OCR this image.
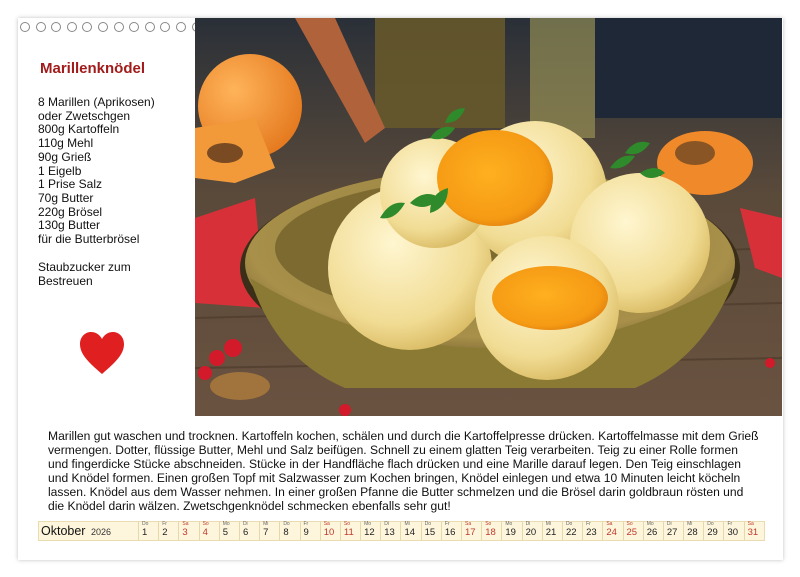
Marillenknödel
8 Marillen (Aprikosen)
oder Zwetschgen
800g Kartoffeln
110g Mehl
90g Grieß
1 Eigelb
1 Prise Salz
70g Butter
220g Brösel
130g Butter
für die Butterbrösel
Staubzucker zum Bestreuen

Marillen gut waschen und trocknen. Kartoffeln kochen, schälen und durch die Kartoffelpresse drücken. Kartoffelmasse mit dem Grieß vermengen. Dotter, flüssige Butter, Mehl und Salz beifügen. Schnell zu einem glatten Teig verarbeiten. Teig zu einer Rolle formen und fingerdicke Stücke abschneiden. Stücke in der Handfläche flach drücken und eine Marille darauf legen. Den Teig einschlagen und Knödel formen. Einen großen Topf mit Salzwasser zum Kochen bringen, Knödel einlegen und etwa 10 Minuten leicht köcheln lassen. Knödel aus dem Wasser nehmen. In einer großen Pfanne die Butter schmelzen und die Brösel darin goldbraun rösten und die Knödel darin wälzen. Zwetschgenknödel schmecken ebenfalls sehr gut!

Oktober 2026
Do
1
Fr
2
Sa
3
So
4
Mo
5
Di
6
Mi
7
Do
8
Fr
9
Sa
10
So
11
Mo
12
Di
13
Mi
14
Do
15
Fr
16
Sa
17
So
18
Mo
19
Di
20
Mi
21
Do
22
Fr
23
Sa
24
So
25
Mo
26
Di
27
Mi
28
Do
29
Fr
30
Sa
31
